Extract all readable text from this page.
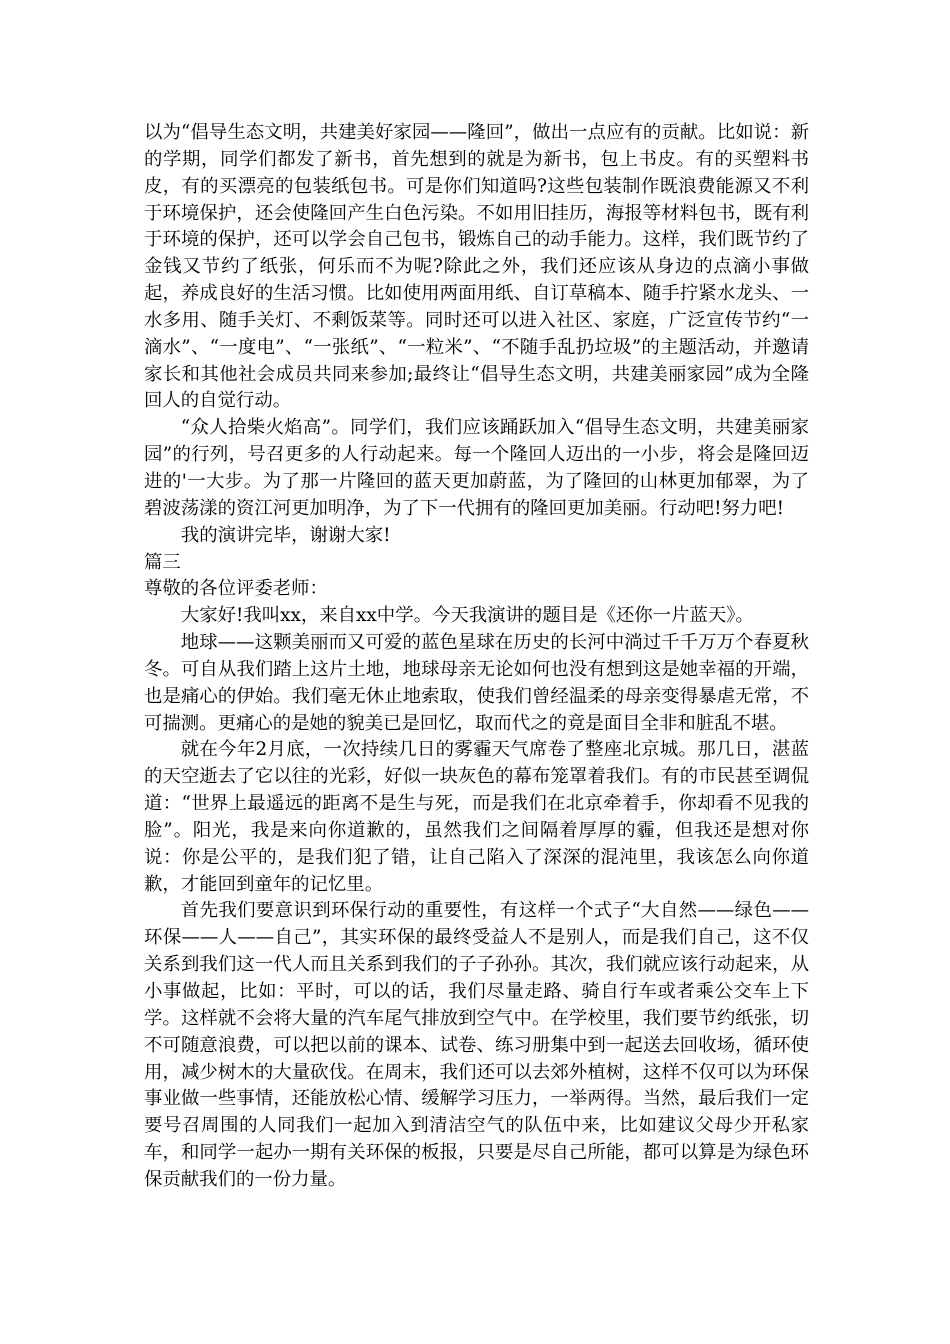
以为“倡导生态文明，共建美好家园——隆回”，做出一点应有的贡献。比如说：新的学期，同学们都发了新书，首先想到的就是为新书，包上书皮。有的买塑料书皮，有的买漂亮的包装纸包书。可是你们知道吗?这些包装制作既浪费能源又不利于环境保护，还会使隆回产生白色污染。不如用旧挂历，海报等材料包书，既有利于环境的保护，还可以学会自己包书，锻炼自己的动手能力。这样，我们既节约了金钱又节约了纸张，何乐而不为呢?除此之外，我们还应该从身边的点滴小事做起，养成良好的生活习惯。比如使用两面用纸、自订草稿本、随手拧紧水龙头、一水多用、随手关灯、不剩饭菜等。同时还可以进入社区、家庭，广泛宣传节约“一滴水”、“一度电”、“一张纸”、“一粒米”、“不随手乱扔垃圾”的主题活动，并邀请家长和其他社会成员共同来参加;最终让“倡导生态文明，共建美丽家园”成为全隆回人的自觉行动。

“众人拾柴火焰高”。同学们，我们应该踊跃加入“倡导生态文明，共建美丽家园”的行列，号召更多的人行动起来。每一个隆回人迈出的一小步，将会是隆回迈进的'一大步。为了那一片隆回的蓝天更加蔚蓝，为了隆回的山林更加郁翠，为了碧波荡漾的资江河更加明净，为了下一代拥有的隆回更加美丽。行动吧!努力吧!

我的演讲完毕，谢谢大家!

篇三

尊敬的各位评委老师：

大家好!我叫xx，来自xx中学。今天我演讲的题目是《还你一片蓝天》。

地球——这颗美丽而又可爱的蓝色星球在历史的长河中淌过千千万万个春夏秋冬。可自从我们踏上这片土地，地球母亲无论如何也没有想到这是她幸福的开端，也是痛心的伊始。我们毫无休止地索取，使我们曾经温柔的母亲变得暴虐无常，不可揣测。更痛心的是她的貌美已是回忆，取而代之的竟是面目全非和脏乱不堪。

就在今年2月底，一次持续几日的雾霾天气席卷了整座北京城。那几日，湛蓝的天空逝去了它以往的光彩，好似一块灰色的幕布笼罩着我们。有的市民甚至调侃道：“世界上最遥远的距离不是生与死，而是我们在北京牵着手，你却看不见我的脸”。阳光，我是来向你道歉的，虽然我们之间隔着厚厚的霾，但我还是想对你说：你是公平的，是我们犯了错，让自己陷入了深深的混沌里，我该怎么向你道歉，才能回到童年的记忆里。

首先我们要意识到环保行动的重要性，有这样一个式子“大自然——绿色——环保——人——自己”，其实环保的最终受益人不是别人，而是我们自己，这不仅关系到我们这一代人而且关系到我们的子子孙孙。其次，我们就应该行动起来，从小事做起，比如：平时，可以的话，我们尽量走路、骑自行车或者乘公交车上下学。这样就不会将大量的汽车尾气排放到空气中。在学校里，我们要节约纸张，切不可随意浪费，可以把以前的课本、试卷、练习册集中到一起送去回收场，循环使用，减少树木的大量砍伐。在周末，我们还可以去郊外植树，这样不仅可以为环保事业做一些事情，还能放松心情、缓解学习压力，一举两得。当然，最后我们一定要号召周围的人同我们一起加入到清洁空气的队伍中来，比如建议父母少开私家车，和同学一起办一期有关环保的板报，只要是尽自己所能，都可以算是为绿色环保贡献我们的一份力量。
